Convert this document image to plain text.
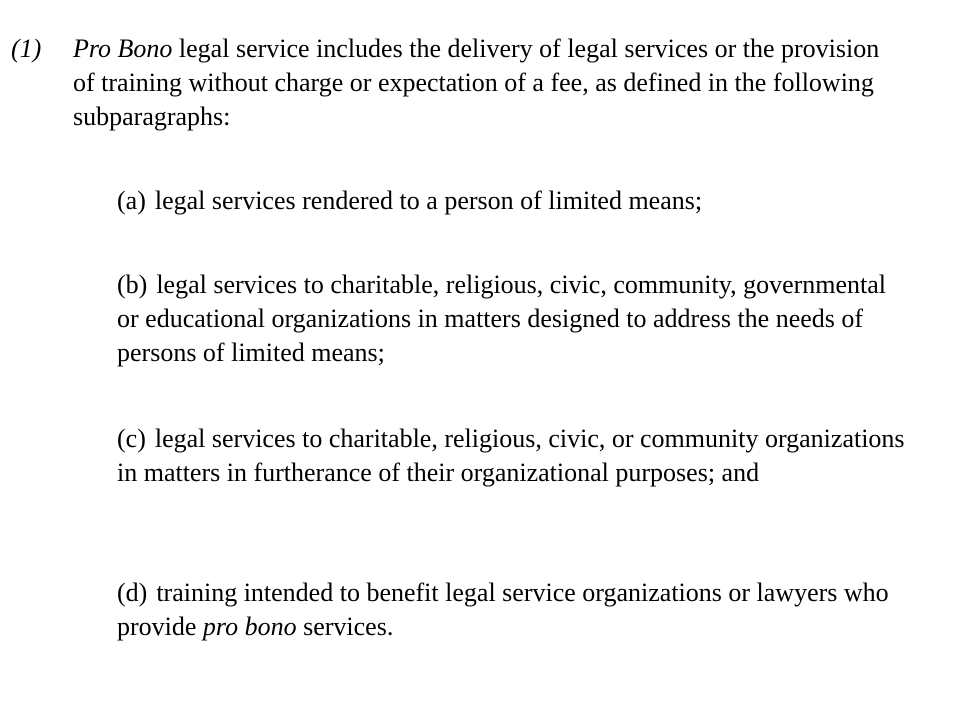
(1) Pro Bono legal service includes the delivery of legal services or the provision of training without charge or expectation of a fee, as defined in the following subparagraphs:
(a) legal services rendered to a person of limited means;
(b) legal services to charitable, religious, civic, community, governmental or educational organizations in matters designed to address the needs of persons of limited means;
(c) legal services to charitable, religious, civic, or community organizations in matters in furtherance of their organizational purposes; and
(d) training intended to benefit legal service organizations or lawyers who provide pro bono services.
